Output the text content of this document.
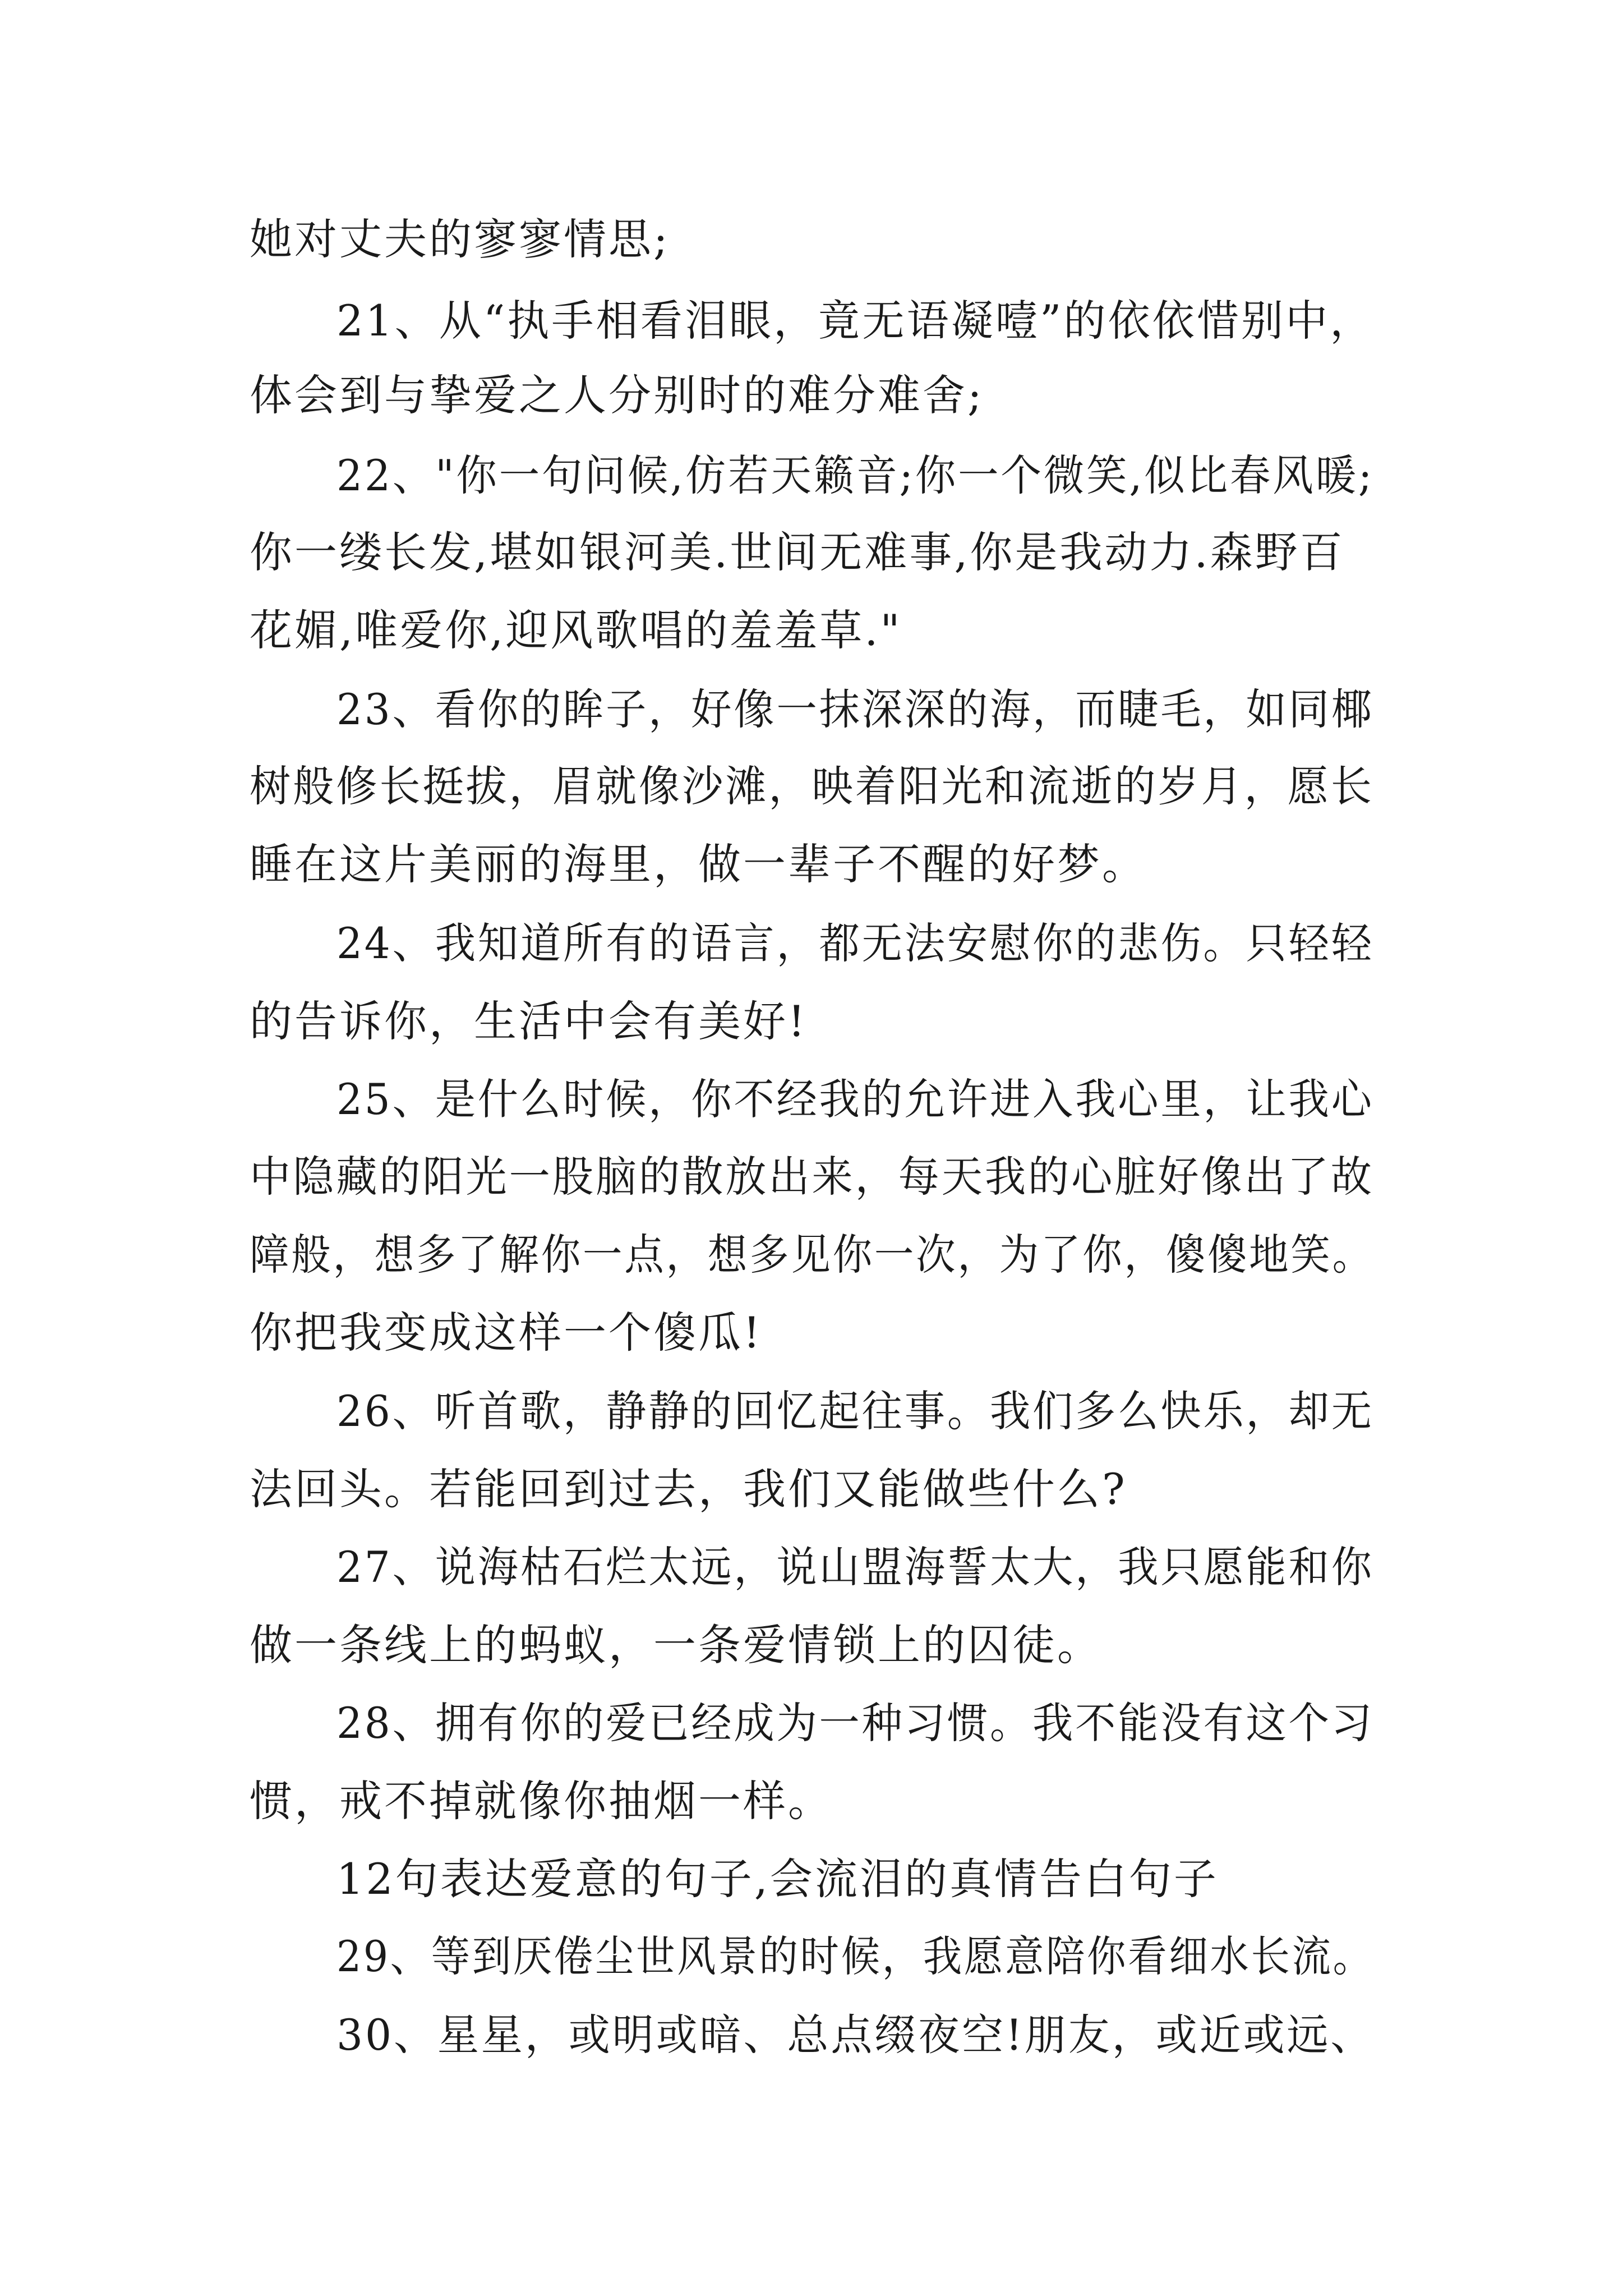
她对丈夫的寥寥情思;
21、从“执手相看泪眼，竟无语凝噎”的依依惜别中，
体会到与挚爱之人分别时的难分难舍;
22、"你一句问候,仿若天籁音;你一个微笑,似比春风暖;
你一缕长发,堪如银河美.世间无难事,你是我动力.森野百
花媚,唯爱你,迎风歌唱的羞羞草."
23、看你的眸子，好像一抹深深的海，而睫毛，如同椰
树般修长挺拔，眉就像沙滩，映着阳光和流逝的岁月，愿长
睡在这片美丽的海里，做一辈子不醒的好梦。
24、我知道所有的语言，都无法安慰你的悲伤。只轻轻
的告诉你，生活中会有美好!
25、是什么时候，你不经我的允许进入我心里，让我心
中隐藏的阳光一股脑的散放出来，每天我的心脏好像出了故
障般，想多了解你一点，想多见你一次，为了你，傻傻地笑。
你把我变成这样一个傻瓜!
26、听首歌，静静的回忆起往事。我们多么快乐，却无
法回头。若能回到过去，我们又能做些什么?
27、说海枯石烂太远，说山盟海誓太大，我只愿能和你
做一条线上的蚂蚁，一条爱情锁上的囚徒。
28、拥有你的爱已经成为一种习惯。我不能没有这个习
惯，戒不掉就像你抽烟一样。
12句表达爱意的句子,会流泪的真情告白句子
29、等到厌倦尘世风景的时候，我愿意陪你看细水长流。
30、星星，或明或暗、总点缀夜空!朋友，或近或远、
